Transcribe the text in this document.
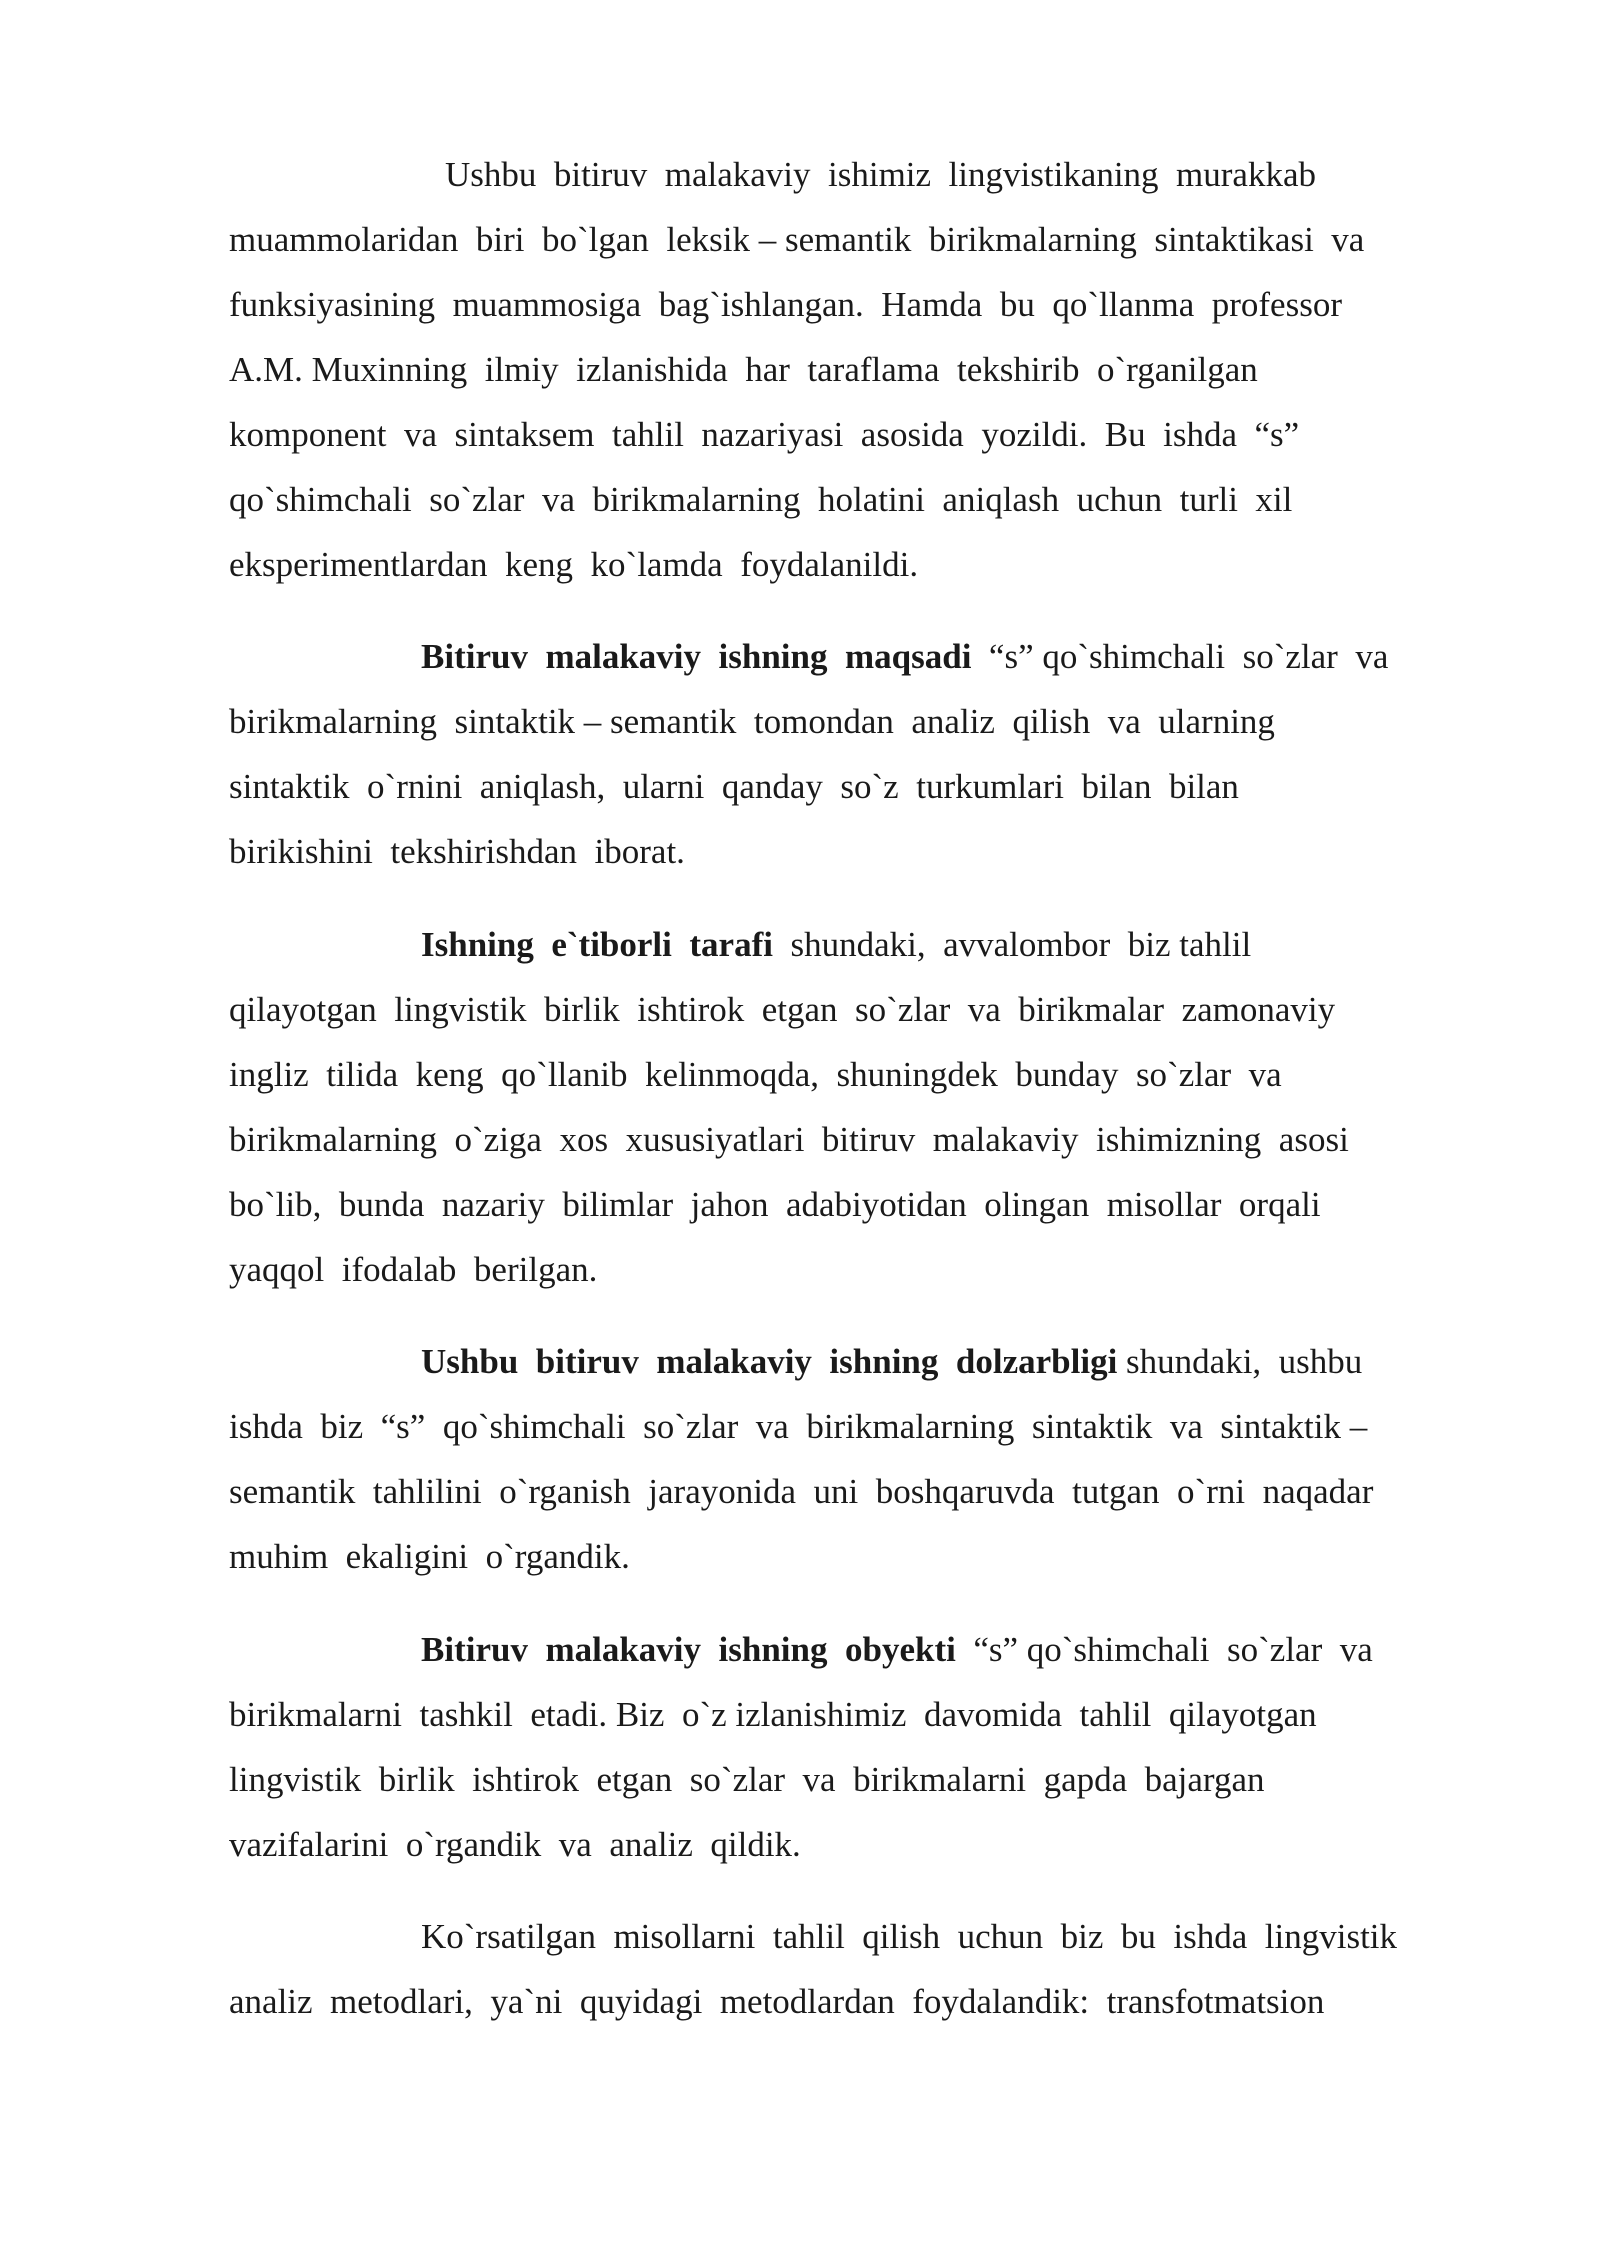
Ushbu  bitiruv  malakaviy  ishimiz  lingvistikaning  murakkab
muammolaridan  biri  bo`lgan  leksik – semantik  birikmalarning  sintaktikasi  va
funksiyasining  muammosiga  bag`ishlangan.  Hamda  bu  qo`llanma  professor
A.M. Muxinning  ilmiy  izlanishida  har  taraflama  tekshirib  o`rganilgan
komponent  va  sintaksem  tahlil  nazariyasi  asosida  yozildi.  Bu  ishda  “s”
qo`shimchali  so`zlar  va  birikmalarning  holatini  aniqlash  uchun  turli  xil
eksperimentlardan  keng  ko`lamda  foydalanildi.
Bitiruv  malakaviy  ishning  maqsadi  “s” qo`shimchali  so`zlar  va
birikmalarning  sintaktik – semantik  tomondan  analiz  qilish  va  ularning
sintaktik  o`rnini  aniqlash,  ularni  qanday  so`z  turkumlari  bilan  bilan
birikishini  tekshirishdan  iborat.
Ishning  e`tiborli  tarafi  shundaki,  avvalombor  biz tahlil
qilayotgan  lingvistik  birlik  ishtirok  etgan  so`zlar  va  birikmalar  zamonaviy
ingliz  tilida  keng  qo`llanib  kelinmoqda,  shuningdek  bunday  so`zlar  va
birikmalarning  o`ziga  xos  xususiyatlari  bitiruv  malakaviy  ishimizning  asosi
bo`lib,  bunda  nazariy  bilimlar  jahon  adabiyotidan  olingan  misollar  orqali
yaqqol  ifodalab  berilgan.
Ushbu  bitiruv  malakaviy  ishning  dolzarbligi shundaki,  ushbu
ishda  biz  “s”  qo`shimchali  so`zlar  va  birikmalarning  sintaktik  va  sintaktik –
semantik  tahlilini  o`rganish  jarayonida  uni  boshqaruvda  tutgan  o`rni  naqadar
muhim  ekaligini  o`rgandik.
Bitiruv  malakaviy  ishning  obyekti  “s” qo`shimchali  so`zlar  va
birikmalarni  tashkil  etadi. Biz  o`z izlanishimiz  davomida  tahlil  qilayotgan
lingvistik  birlik  ishtirok  etgan  so`zlar  va  birikmalarni  gapda  bajargan
vazifalarini  o`rgandik  va  analiz  qildik.
Ko`rsatilgan  misollarni  tahlil  qilish  uchun  biz  bu  ishda  lingvistik
analiz  metodlari,  ya`ni  quyidagi  metodlardan  foydalandik:  transfotmatsion
